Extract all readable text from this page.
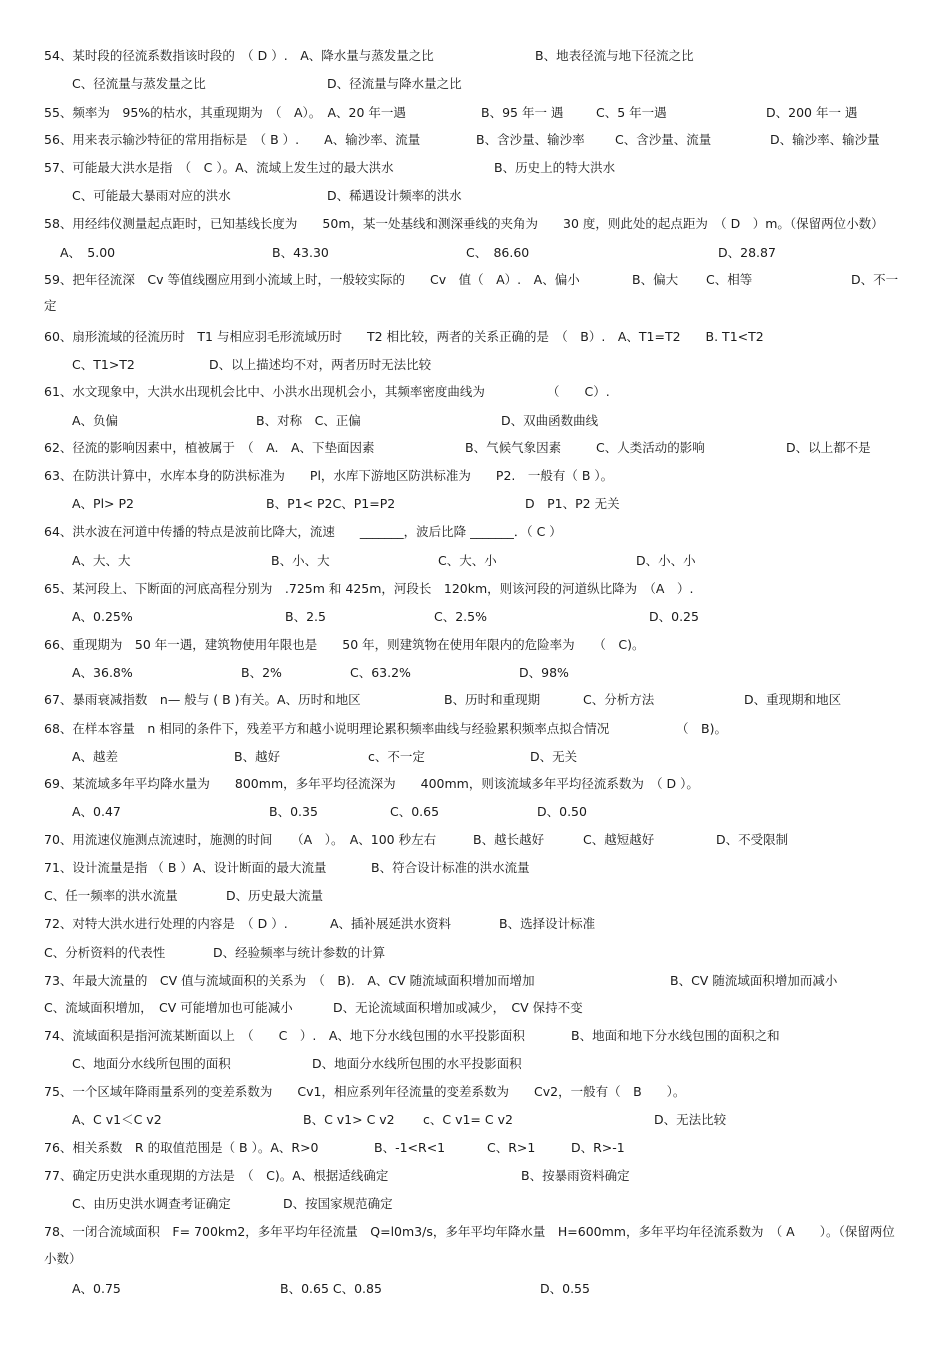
54、某时段的径流系数指该时段的　（ D ）.　A、降水量与蒸发量之比	B、地表径流与地下径流之比
C、径流量与蒸发量之比	D、径流量与降水量之比
55、频率为　95%的枯水，其重现期为　（　A）。　A、20 年一遇	B、95 年一 遇	C、5 年一遇	D、200 年一 遇
56、用来表示输沙特征的常用指标是　（ B ）.　　A、输沙率、流量	B、含沙量、输沙率 C、含沙量、流量	D、输沙率、输沙量
57、可能最大洪水是指　（　C ）。A、流域上发生过的最大洪水	B、历史上的特大洪水
C、可能最大暴雨对应的洪水	D、稀遇设计频率的洪水
58、用经纬仪测量起点距时，已知基线长度为　　50m，某一处基线和测深垂线的夹角为　　30 度，则此处的起点距为　（ D　）m。（保留两位小数）
A、　5.00	B、43.30	C、　86.60	D、28.87
59、把年径流深　Cv 等值线圈应用到小流域上时，一般较实际的　　Cv　值（　A）.　A、偏小	B、偏大 C、相等	D、不一
定
60、扇形流域的径流历时　T1 与相应羽毛形流域历时　　T2 相比较，两者的关系正确的是　（　B）.　A、T1=T2　　B. T1<T2
C、T1>T2	D、以上描述均不对，两者历时无法比较
61、水文现象中，大洪水出现机会比中、小洪水出现机会小，其频率密度曲线为	（　　C）.
A、负偏	B、对称　C、正偏	D、双曲函数曲线
62、径流的影响因素中，植被属于　（　A.　A、下垫面因素	B、气候气象因素	C、人类活动的影响	D、以上都不是
63、在防洪计算中，水库本身的防洪标准为　　Pl，水库下游地区防洪标准为　　P2.　一般有（ B ）。
A、Pl> P2	B、P1< P2C、P1=P2	D　P1、P2 无关
64、洪水波在河道中传播的特点是波前比降大，流速　　_______，波后比降 _______．（ C ）
A、大、大	B、小、大	C、大、小	D、小、小
65、某河段上、下断面的河底高程分别为　.725m 和 425m，河段长　120km，则该河段的河道纵比降为　（A　）.
A、0.25%	B、2.5	C、2.5%	D、0.25
66、重现期为　50 年一遇，建筑物使用年限也是　　50 年，则建筑物在使用年限内的危险率为　　（　C)。
A、36.8%	B、2%	C、63.2%	D、98%
67、暴雨衰减指数　n— 般与 ( B )有关。A、历时和地区	B、历时和重现期	C、分析方法	D、重现期和地区
68、在样本容量　n 相同的条件下，残差平方和越小说明理论累积频率曲线与经验累积频率点拟合情况	（　B)。
A、越差	B、越好	c、不一定	D、无关
69、某流域多年平均降水量为　　800mm，多年平均径流深为　　400mm，则该流域多年平均径流系数为　（ D ）。
A、0.47	B、0.35	C、0.65	D、0.50
70、用流速仪施测点流速时，施测的时间　　（A　）。　A、100 秒左右	B、越长越好	C、越短越好	D、不受限制
71、设计流量是指 （ B ）A、设计断面的最大流量	B、符合设计标准的洪水流量
C、任一频率的洪水流量	D、历史最大流量
72、对特大洪水进行处理的内容是　（ D ）.	A、插补展延洪水资料	B、选择设计标准
C、分析资料的代表性	D、经验频率与统计参数的计算
73、年最大流量的　CV 值与流域面积的关系为　（　B).　A、CV 随流域面积增加而增加	B、CV 随流域面积增加而减小
C、流域面积增加，　CV 可能增加也可能减小	D、无论流域面积增加或减少，　CV 保持不变
74、流域面积是指河流某断面以上　（　　C　）.　A、地下分水线包围的水平投影面积	B、地面和地下分水线包围的面积之和
C、地面分水线所包围的面积	D、地面分水线所包围的水平投影面积
75、一个区域年降雨量系列的变差系数为　　Cv1，相应系列年径流量的变差系数为　　Cv2，一般有（　B　　）。
A、C v1＜C v2	B、C v1> C v2 c、C v1= C v2	D、无法比较
76、相关系数　R 的取值范围是（ B ）。A、R>0	B、-1<R<1	C、R>1	D、R>-1
77、确定历史洪水重现期的方法是　（　C)。A、根据适线确定	B、按暴雨资料确定
C、由历史洪水调查考证确定	D、按国家规范确定
78、一闭合流域面积　F= 700km2，多年平均年径流量　Q=l0m3/s，多年平均年降水量　H=600mm，多年平均年径流系数为　（ A　　）。（保留两位
小数）
A、0.75	B、0.65 C、0.85	D、0.55
